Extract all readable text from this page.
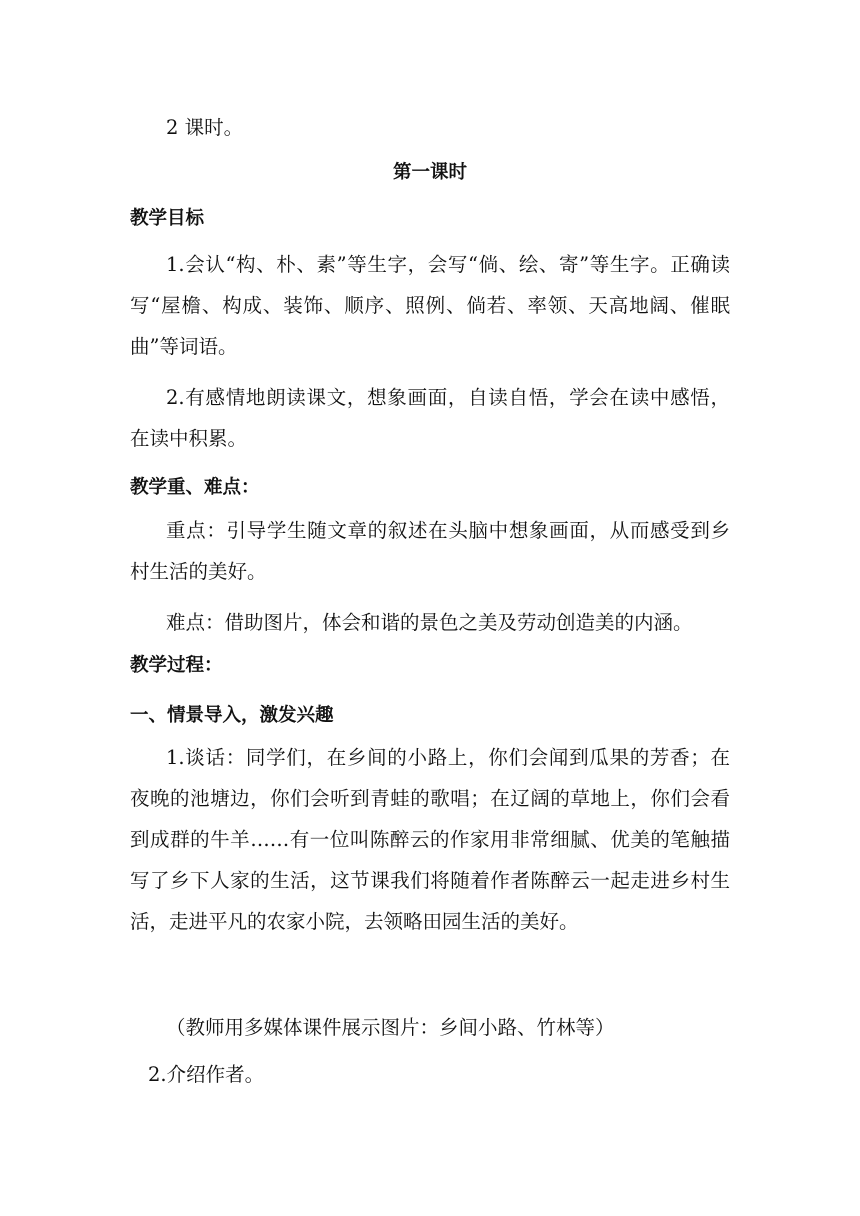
2 课时。
第一课时
教学目标

1.会认“构、朴、素”等生字，会写“倘、绘、寄”等生字。正确读写“屋檐、构成、装饰、顺序、照例、倘若、率领、天高地阔、催眠曲”等词语。

2.有感情地朗读课文，想象画面，自读自悟，学会在读中感悟，在读中积累。

教学重、难点：

重点：引导学生随文章的叙述在头脑中想象画面，从而感受到乡村生活的美好。

难点：借助图片，体会和谐的景色之美及劳动创造美的内涵。

教学过程：
一、情景导入，激发兴趣

1.谈话：同学们，在乡间的小路上，你们会闻到瓜果的芳香；在夜晚的池塘边，你们会听到青蛙的歌唱；在辽阔的草地上，你们会看到成群的牛羊……有一位叫陈醉云的作家用非常细腻、优美的笔触描写了乡下人家的生活，这节课我们将随着作者陈醉云一起走进乡村生活，走进平凡的农家小院，去领略田园生活的美好。

（教师用多媒体课件展示图片：乡间小路、竹林等）
2.介绍作者。
